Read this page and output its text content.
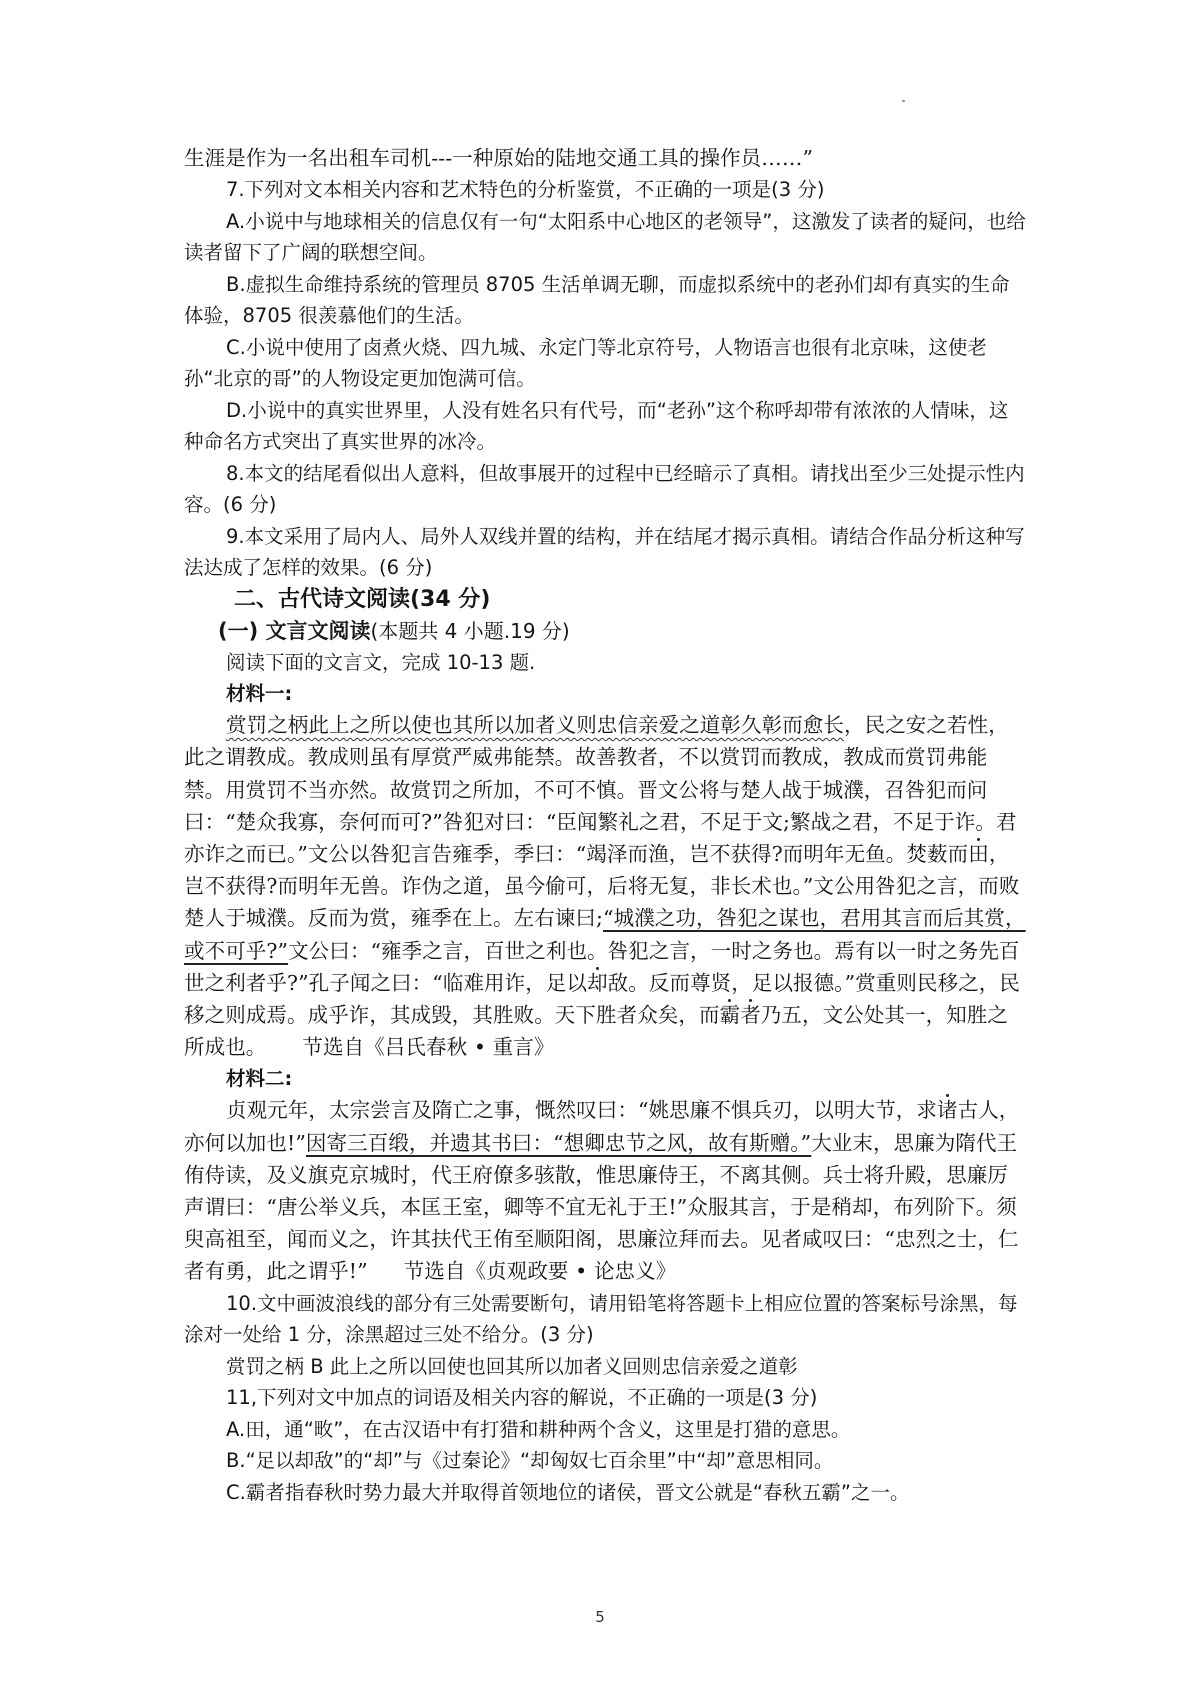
生涯是作为一名出租车司机---一种原始的陆地交通工具的操作员……”

7.下列对文本相关内容和艺术特色的分析鉴赏，不正确的一项是(3 分)

A.小说中与地球相关的信息仅有一句“太阳系中心地区的老领导”，这激发了读者的疑问，也给读者留下了广阔的联想空间。

B.虚拟生命维持系统的管理员 8705 生活单调无聊，而虚拟系统中的老孙们却有真实的生命体验，8705 很羡慕他们的生活。

C.小说中使用了卤煮火烧、四九城、永定门等北京符号，人物语言也很有北京味，这使老孙“北京的哥”的人物设定更加饱满可信。

D.小说中的真实世界里，人没有姓名只有代号，而“老孙”这个称呼却带有浓浓的人情味，这种命名方式突出了真实世界的冰冷。

8.本文的结尾看似出人意料，但故事展开的过程中已经暗示了真相。请找出至少三处提示性内容。(6 分)

9.本文采用了局内人、局外人双线并置的结构，并在结尾才揭示真相。请结合作品分析这种写法达成了怎样的效果。(6 分)

二、古代诗文阅读(34 分)

(一) 文言文阅读(本题共 4 小题.19 分)

阅读下面的文言文，完成 10-13 题.

材料一:

赏罚之柄此上之所以使也其所以加者义则忠信亲爱之道彰久彰而愈长，民之安之若性，此之谓教成。教成则虽有厚赏严威弗能禁。故善教者，不以赏罚而教成，教成而赏罚弗能禁。用赏罚不当亦然。故赏罚之所加，不可不慎。晋文公将与楚人战于城濮，召咎犯而问曰：“楚众我寡，奈何而可?”咎犯对曰：“臣闻繁礼之君，不足于文;繁战之君，不足于诈。君亦诈之而已。”文公以咎犯言告雍季，季曰：“竭泽而渔，岂不获得?而明年无鱼。焚薮而田，岂不获得?而明年无兽。诈伪之道，虽今偷可，后将无复，非长术也。”文公用咎犯之言，而败楚人于城濮。反而为赏，雍季在上。左右谏曰;“城濮之功，咎犯之谋也，君用其言而后其赏，或不可乎?”文公曰：“雍季之言，百世之利也。咎犯之言，一时之务也。焉有以一时之务先百世之利者乎?”孔子闻之曰：“临难用诈，足以却敌。反而尊贤，足以报德。”赏重则民移之，民移之则成焉。成乎诈，其成毁，其胜败。天下胜者众矣，而霸者乃五，文公处其一，知胜之所成也。 节选自《吕氏春秋 • 重言》

材料二:

贞观元年，太宗尝言及隋亡之事，慨然叹曰：“姚思廉不惧兵刃，以明大节，求诸古人，亦何以加也!”因寄三百缎，并遗其书曰：“想卿忠节之风，故有斯赠。”大业末，思廉为隋代王侑侍读，及义旗克京城时，代王府僚多骇散，惟思廉侍王，不离其侧。兵士将升殿，思廉厉声谓曰：“唐公举义兵，本匡王室，卿等不宜无礼于王!”众服其言，于是稍却，布列阶下。须臾高祖至，闻而义之，许其扶代王侑至顺阳阁，思廉泣拜而去。见者咸叹曰：“忠烈之士，仁者有勇，此之谓乎!” 节选自《贞观政要 • 论忠义》

10.文中画波浪线的部分有三处需要断句，请用铅笔将答题卡上相应位置的答案标号涂黑，每涂对一处给 1 分，涂黑超过三处不给分。(3 分)

赏罚之柄 B 此上之所以回使也回其所以加者义回则忠信亲爱之道彰

11,下列对文中加点的词语及相关内容的解说，不正确的一项是(3 分)

A.田，通“畋”，在古汉语中有打猎和耕种两个含义，这里是打猎的意思。

B.“足以却敌”的“却”与《过秦论》“却匈奴七百余里”中“却”意思相同。

C.霸者指春秋时势力最大并取得首领地位的诸侯，晋文公就是“春秋五霸”之一。

5
